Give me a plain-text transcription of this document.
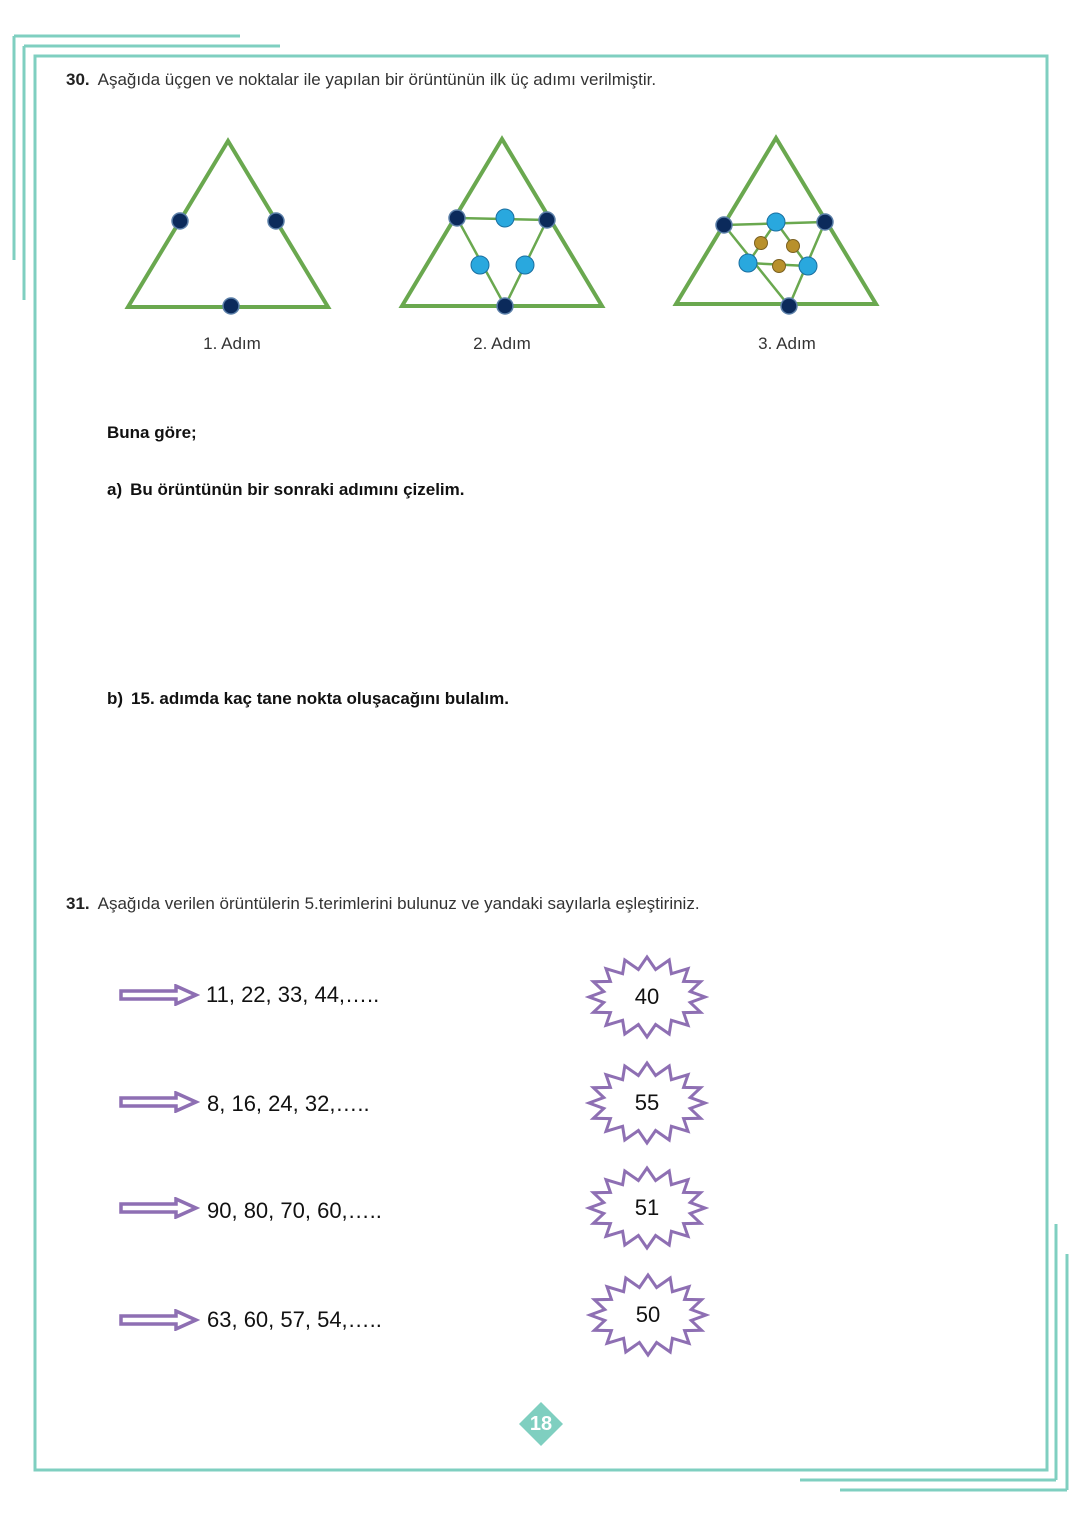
30. Aşağıda üçgen ve noktalar ile yapılan bir örüntünün ilk üç adımı verilmiştir.
1. Adım	2. Adım	3. Adım
Buna göre;
a) Bu örüntünün bir sonraki adımını çizelim.
b) 15. adımda kaç tane nokta oluşacağını bulalım.
31. Aşağıda verilen örüntülerin 5.terimlerini bulunuz ve yandaki sayılarla eşleştiriniz.
11, 22, 33, 44,…..
8, 16, 24, 32,…..
90, 80, 70, 60,…..
63, 60, 57, 54,…..
40
55
51
50
18
